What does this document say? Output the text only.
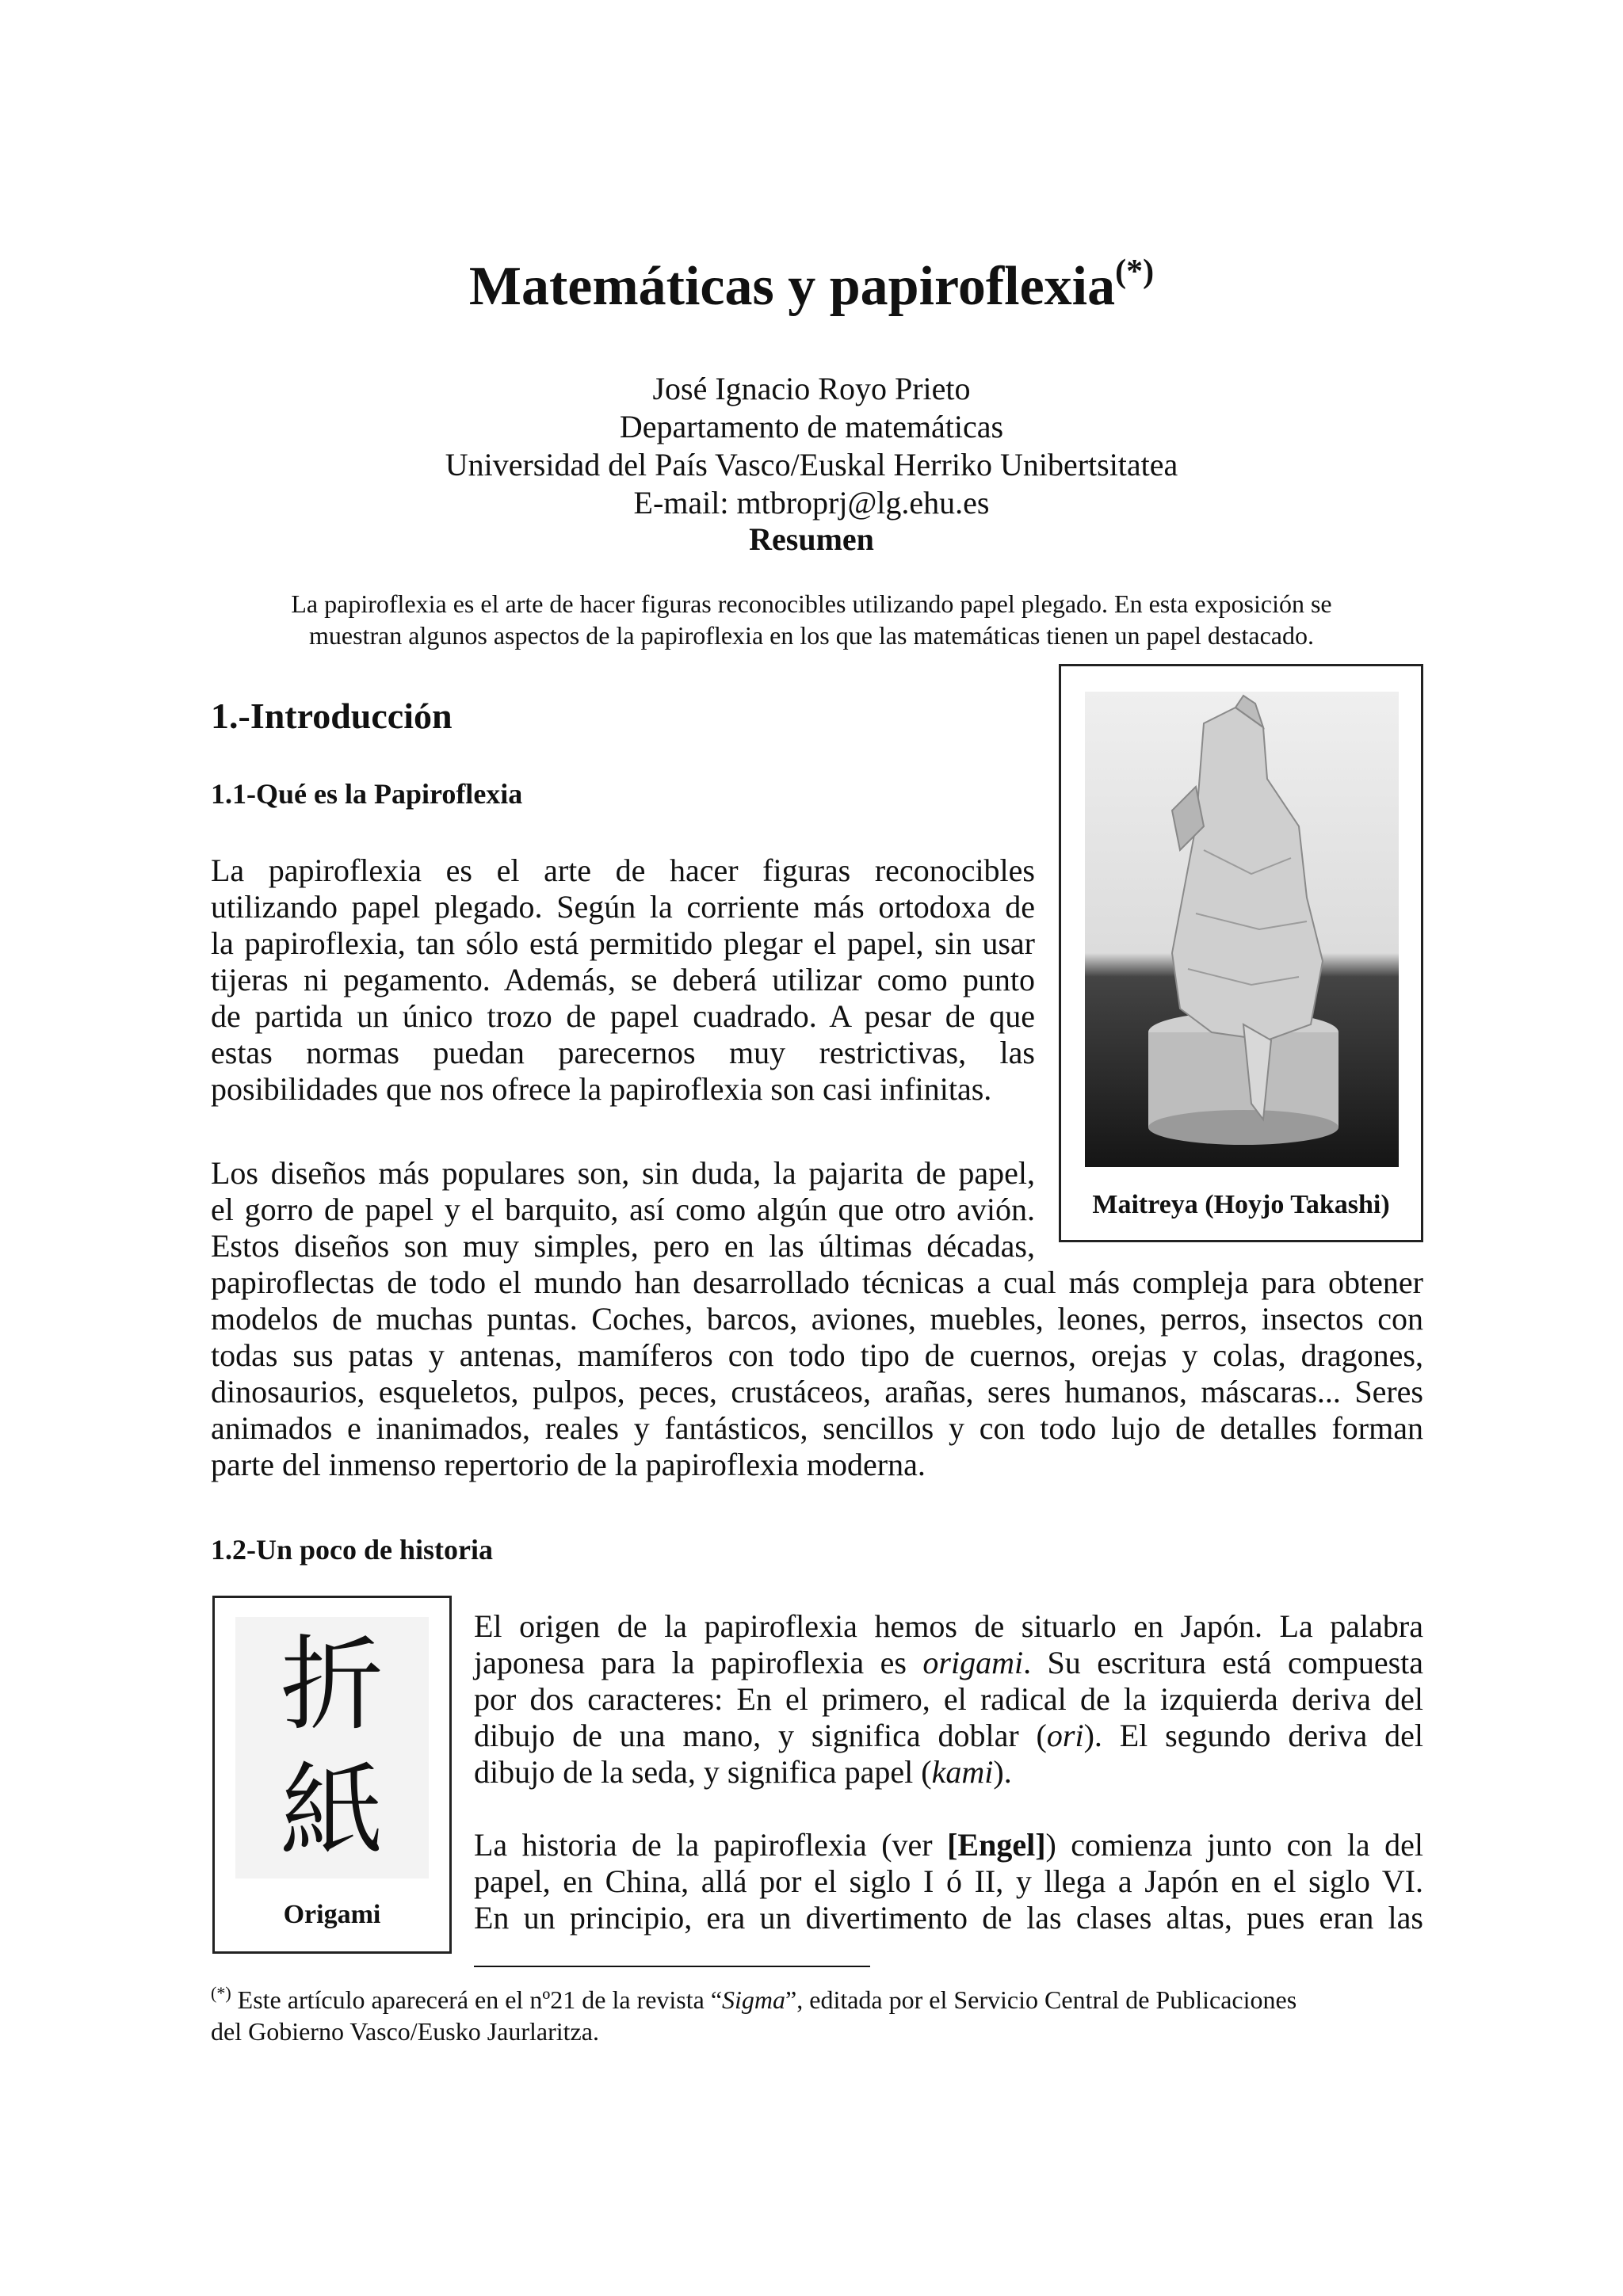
Matemáticas y papiroflexia(*)
José Ignacio Royo Prieto
Departamento de matemáticas
Universidad del País Vasco/Euskal Herriko Unibertsitatea
E-mail: mtbroprj@lg.ehu.es
Resumen
La papiroflexia es el arte de hacer figuras reconocibles utilizando papel plegado. En esta exposición se
muestran algunos aspectos de la papiroflexia en los que las matemáticas tienen un papel destacado.
1.-Introducción
1.1-Qué es la Papiroflexia
La papiroflexia es el arte de hacer figuras reconocibles
utilizando papel plegado. Según la corriente más ortodoxa de
la papiroflexia, tan sólo está permitido plegar el papel, sin usar
tijeras ni pegamento. Además, se deberá utilizar como punto
de partida un único trozo de papel cuadrado. A pesar de que
estas normas puedan parecernos muy restrictivas, las
posibilidades que nos ofrece la papiroflexia son casi infinitas.
Los diseños más populares son, sin duda, la pajarita de papel,
el gorro de papel y el barquito, así como algún que otro avión.
Estos diseños son muy simples, pero en las últimas décadas,
papiroflectas de todo el mundo han desarrollado técnicas a cual más compleja para obtener
modelos de muchas puntas. Coches, barcos, aviones, muebles, leones, perros, insectos con
todas sus patas y antenas, mamíferos con todo tipo de cuernos, orejas y colas, dragones,
dinosaurios, esqueletos, pulpos, peces, crustáceos, arañas, seres humanos, máscaras... Seres
animados e inanimados, reales y fantásticos, sencillos y con todo lujo de detalles forman
parte del inmenso repertorio de la papiroflexia moderna.
Maitreya (Hoyjo Takashi)
1.2-Un poco de historia
折
紙
Origami
El origen de la papiroflexia hemos de situarlo en Japón. La palabra
japonesa para la papiroflexia es origami. Su escritura está compuesta
por dos caracteres: En el primero, el radical de la izquierda deriva del
dibujo de una mano, y significa doblar (ori). El segundo deriva del
dibujo de la seda, y significa papel (kami).
La historia de la papiroflexia (ver [Engel]) comienza junto con la del
papel, en China, allá por el siglo I ó II, y llega a Japón en el siglo VI.
En un principio, era un divertimento de las clases altas, pues eran las
(*) Este artículo aparecerá en el nº21 de la revista “Sigma”, editada por el Servicio Central de Publicaciones
del Gobierno Vasco/Eusko Jaurlaritza.
